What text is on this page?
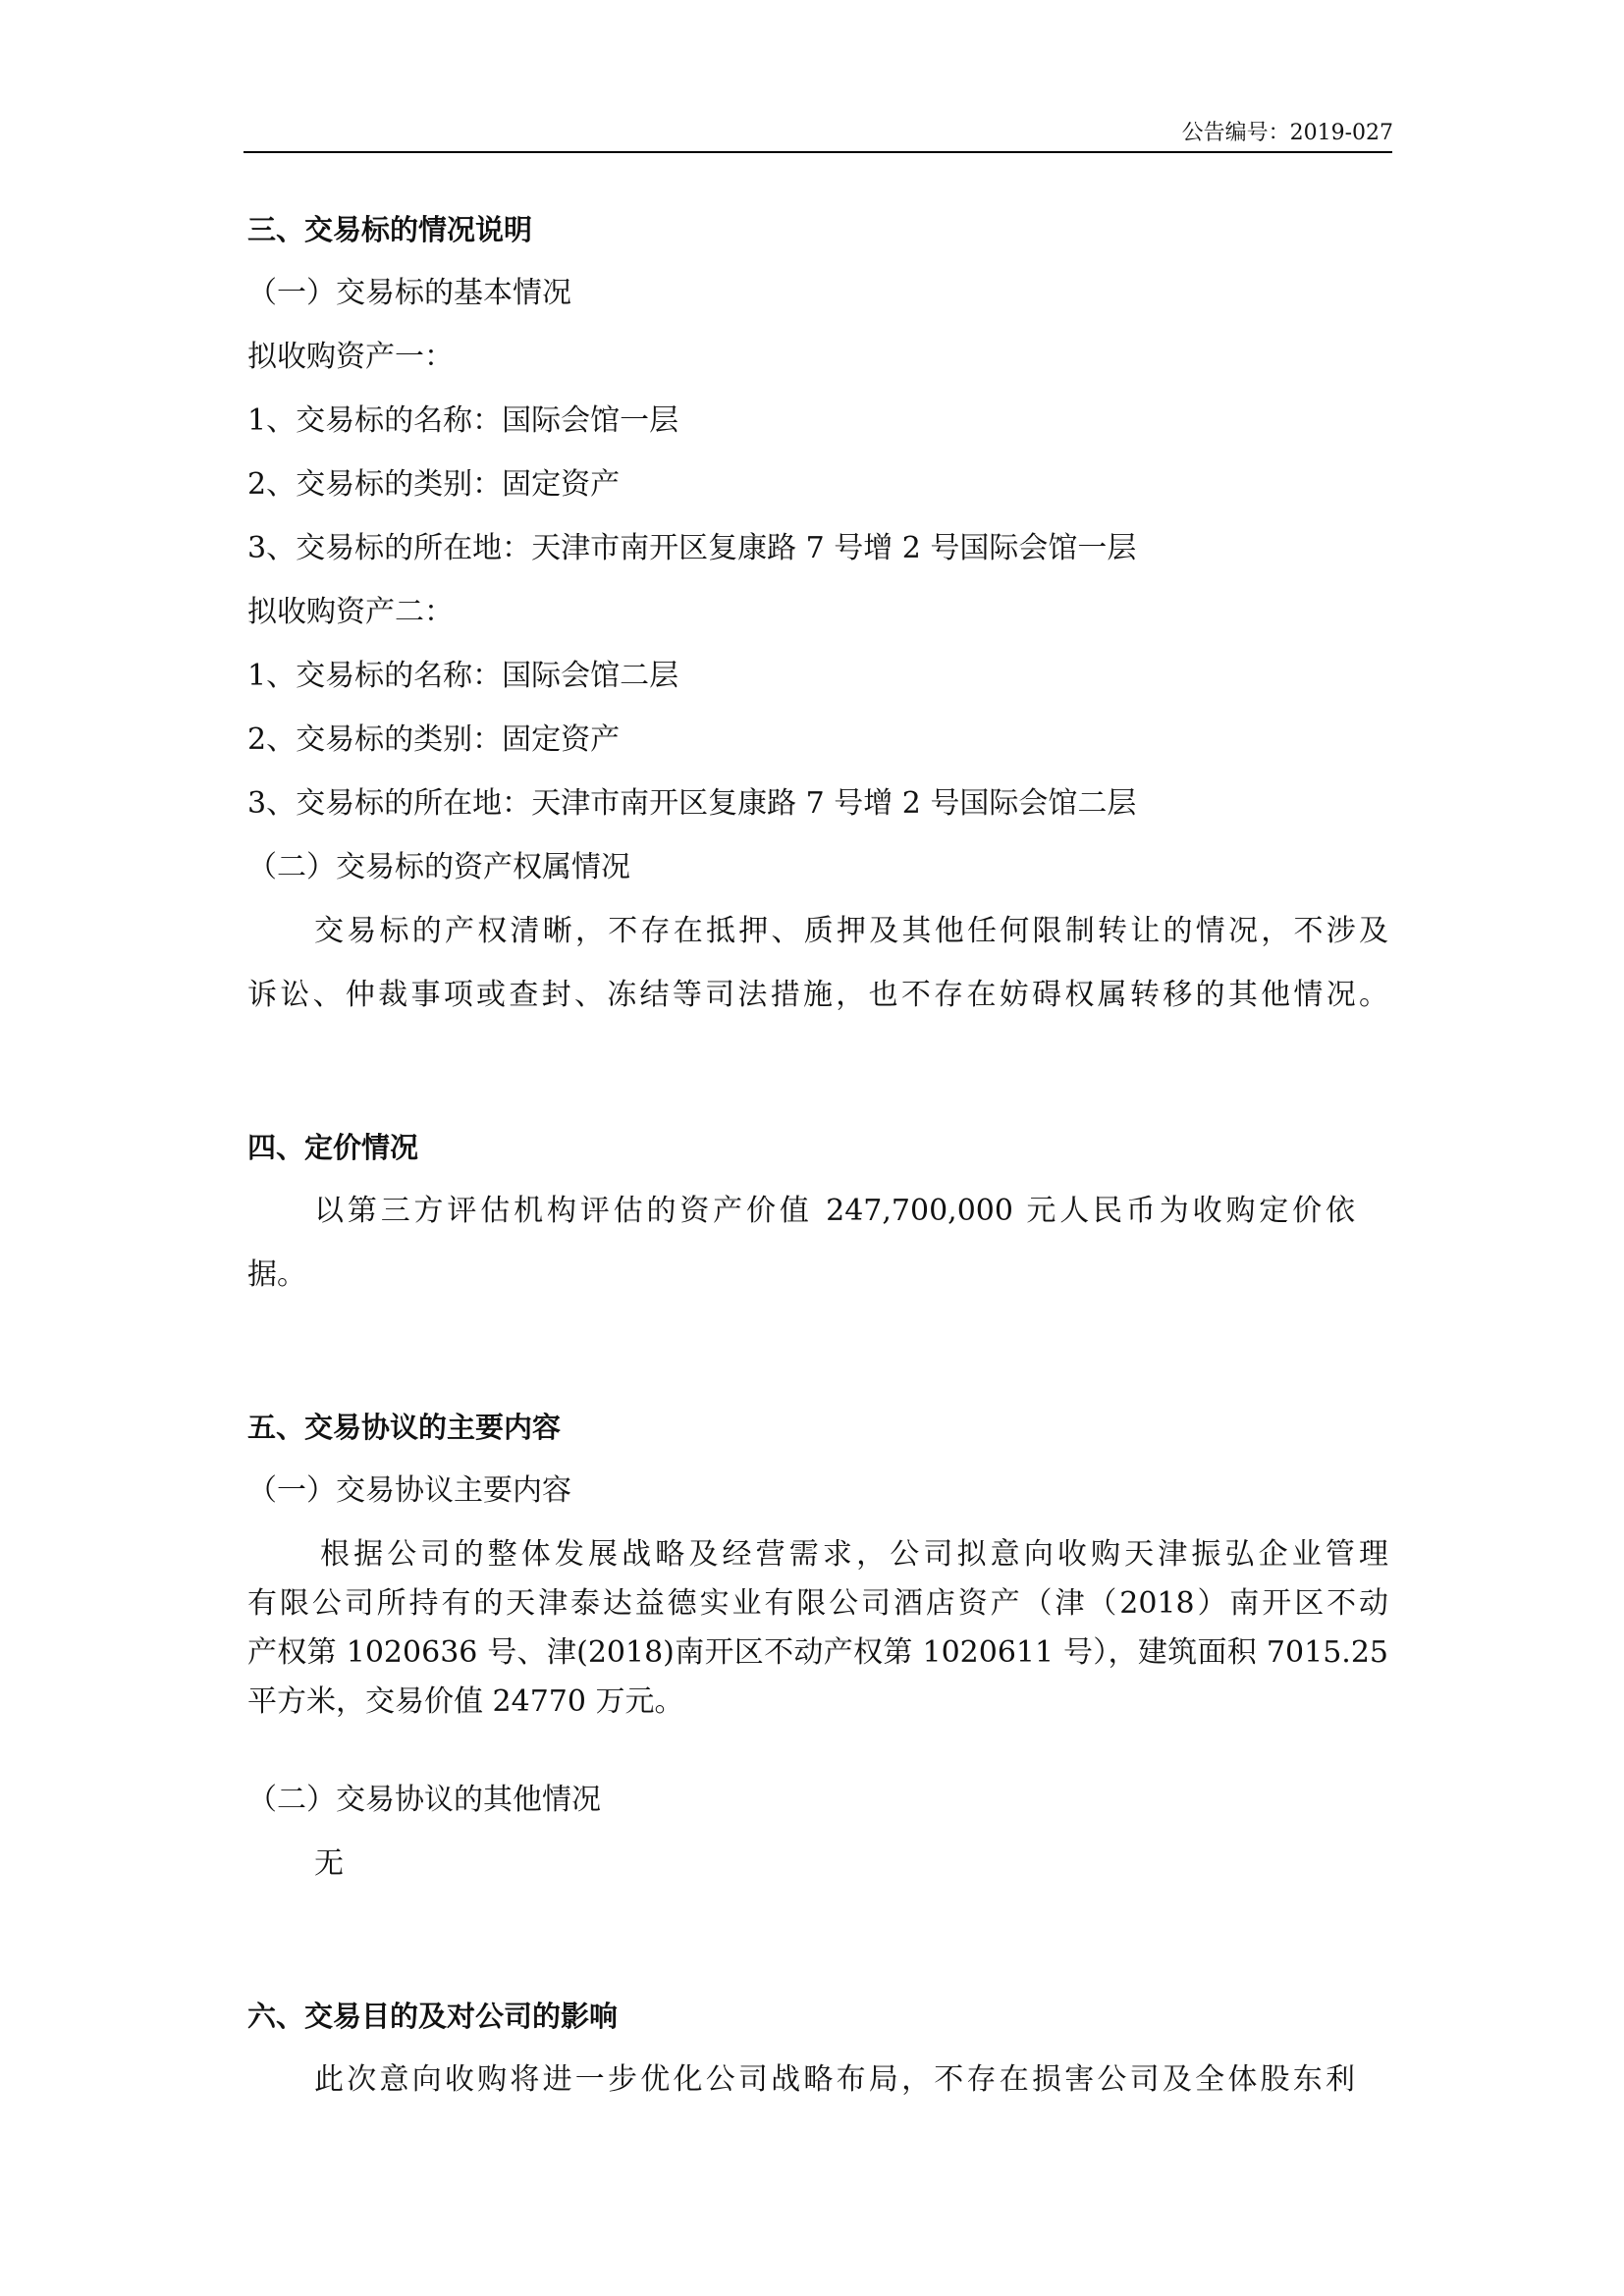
公告编号：2019-027
三、交易标的情况说明
（一）交易标的基本情况
拟收购资产一：
1、交易标的名称：国际会馆一层
2、交易标的类别：固定资产
3、交易标的所在地：天津市南开区复康路 7 号增 2 号国际会馆一层
拟收购资产二：
1、交易标的名称：国际会馆二层
2、交易标的类别：固定资产
3、交易标的所在地：天津市南开区复康路 7 号增 2 号国际会馆二层
（二）交易标的资产权属情况
交易标的产权清晰，不存在抵押、质押及其他任何限制转让的情况，不涉及
诉讼、仲裁事项或查封、冻结等司法措施，也不存在妨碍权属转移的其他情况。
四、定价情况
以第三方评估机构评估的资产价值 247,700,000 元人民币为收购定价依
据。
五、交易协议的主要内容
（一）交易协议主要内容
根据公司的整体发展战略及经营需求，公司拟意向收购天津振弘企业管理
有限公司所持有的天津泰达益德实业有限公司酒店资产（津（2018）南开区不动
产权第 1020636 号、津(2018)南开区不动产权第 1020611 号），建筑面积 7015.25
平方米，交易价值 24770 万元。
（二）交易协议的其他情况
无
六、交易目的及对公司的影响
此次意向收购将进一步优化公司战略布局，不存在损害公司及全体股东利
